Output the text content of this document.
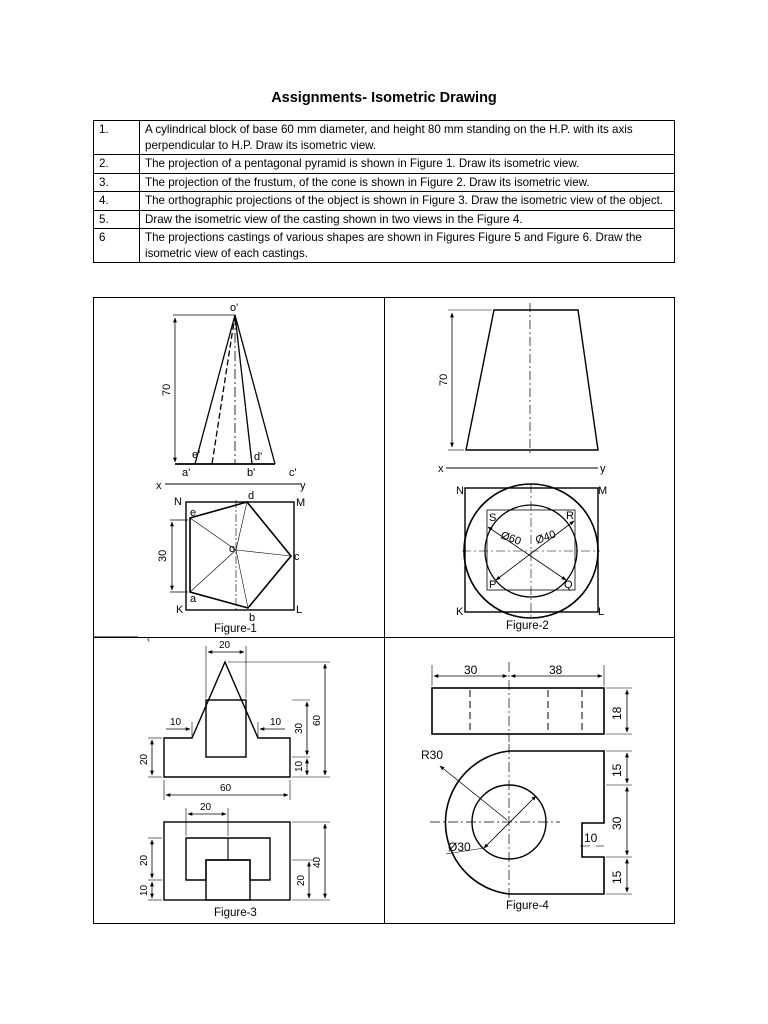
Assignments- Isometric Drawing
1.	A cylindrical block of base 60 mm diameter, and height 80 mm standing on the H.P. with its axis perpendicular to H.P. Draw its isometric view.
2.	The projection of a pentagonal pyramid is shown in Figure 1. Draw its isometric view.
3.	The projection of the frustum, of the cone is shown in Figure 2. Draw its isometric view.
4.	The orthographic projections of the object is shown in Figure 3. Draw the isometric view of the object.
5.	Draw the isometric view of the casting shown in two views in the Figure 4.
6	The projections castings of various shapes are shown in Figures Figure 5 and Figure 6. Draw the isometric view of each castings.
o'
e'	d'
a'	b'	c'
x	y
N	M
K	L
d
e
o
c
a
b
70
30
70
x	y
N	M
K	L
S	R
P	Q
Ø60 Ø40
20
10	10
30
60
10
20
60
20
20
10
20
40
30	38
18
R30
15
30
10
15
Ø30
‹
Figure-1	Figure-2
Figure-3
Figure-4
